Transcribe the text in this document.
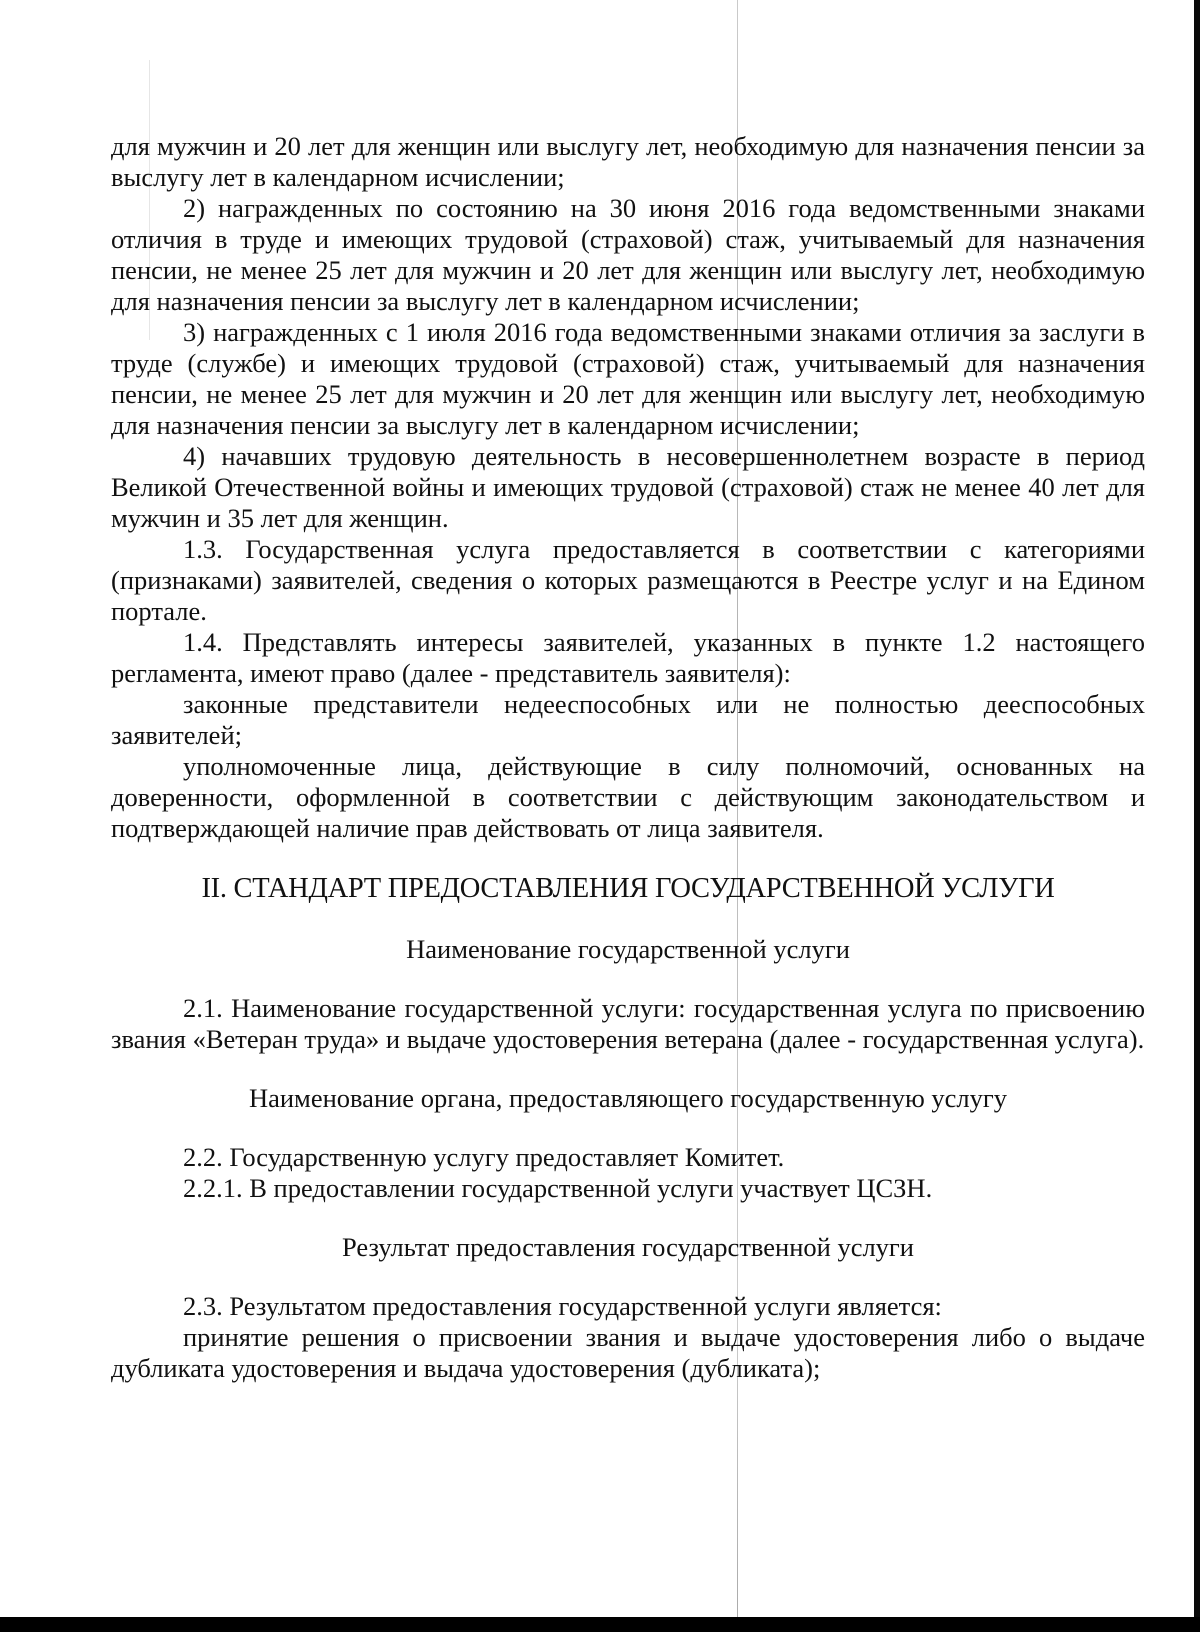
для мужчин и 20 лет для женщин или выслугу лет, необходимую для назначения пенсии за выслугу лет в календарном исчислении;

2) награжденных по состоянию на 30 июня 2016 года ведомственными знаками отличия в труде и имеющих трудовой (страховой) стаж, учитываемый для назначения пенсии, не менее 25 лет для мужчин и 20 лет для женщин или выслугу лет, необходимую для назначения пенсии за выслугу лет в календарном исчислении;

3) награжденных с 1 июля 2016 года ведомственными знаками отличия за заслуги в труде (службе) и имеющих трудовой (страховой) стаж, учитываемый для назначения пенсии, не менее 25 лет для мужчин и 20 лет для женщин или выслугу лет, необходимую для назначения пенсии за выслугу лет в календарном исчислении;

4) начавших трудовую деятельность в несовершеннолетнем возрасте в период Великой Отечественной войны и имеющих трудовой (страховой) стаж не менее 40 лет для мужчин и 35 лет для женщин.

1.3. Государственная услуга предоставляется в соответствии с категориями (признаками) заявителей, сведения о которых размещаются в Реестре услуг и на Едином портале.

1.4. Представлять интересы заявителей, указанных в пункте 1.2 настоящего регламента, имеют право (далее - представитель заявителя):

законные представители недееспособных или не полностью дееспособных заявителей;

уполномоченные лица, действующие в силу полномочий, основанных на доверенности, оформленной в соответствии с действующим законодательством и подтверждающей наличие прав действовать от лица заявителя.

II. СТАНДАРТ ПРЕДОСТАВЛЕНИЯ ГОСУДАРСТВЕННОЙ УСЛУГИ

Наименование государственной услуги

2.1. Наименование государственной услуги: государственная услуга по присвоению звания «Ветеран труда» и выдаче удостоверения ветерана (далее - государственная услуга).

Наименование органа, предоставляющего государственную услугу

2.2. Государственную услугу предоставляет Комитет.

2.2.1. В предоставлении государственной услуги участвует ЦСЗН.

Результат предоставления государственной услуги

2.3. Результатом предоставления государственной услуги является:

принятие решения о присвоении звания и выдаче удостоверения либо о выдаче дубликата удостоверения и выдача удостоверения (дубликата);
